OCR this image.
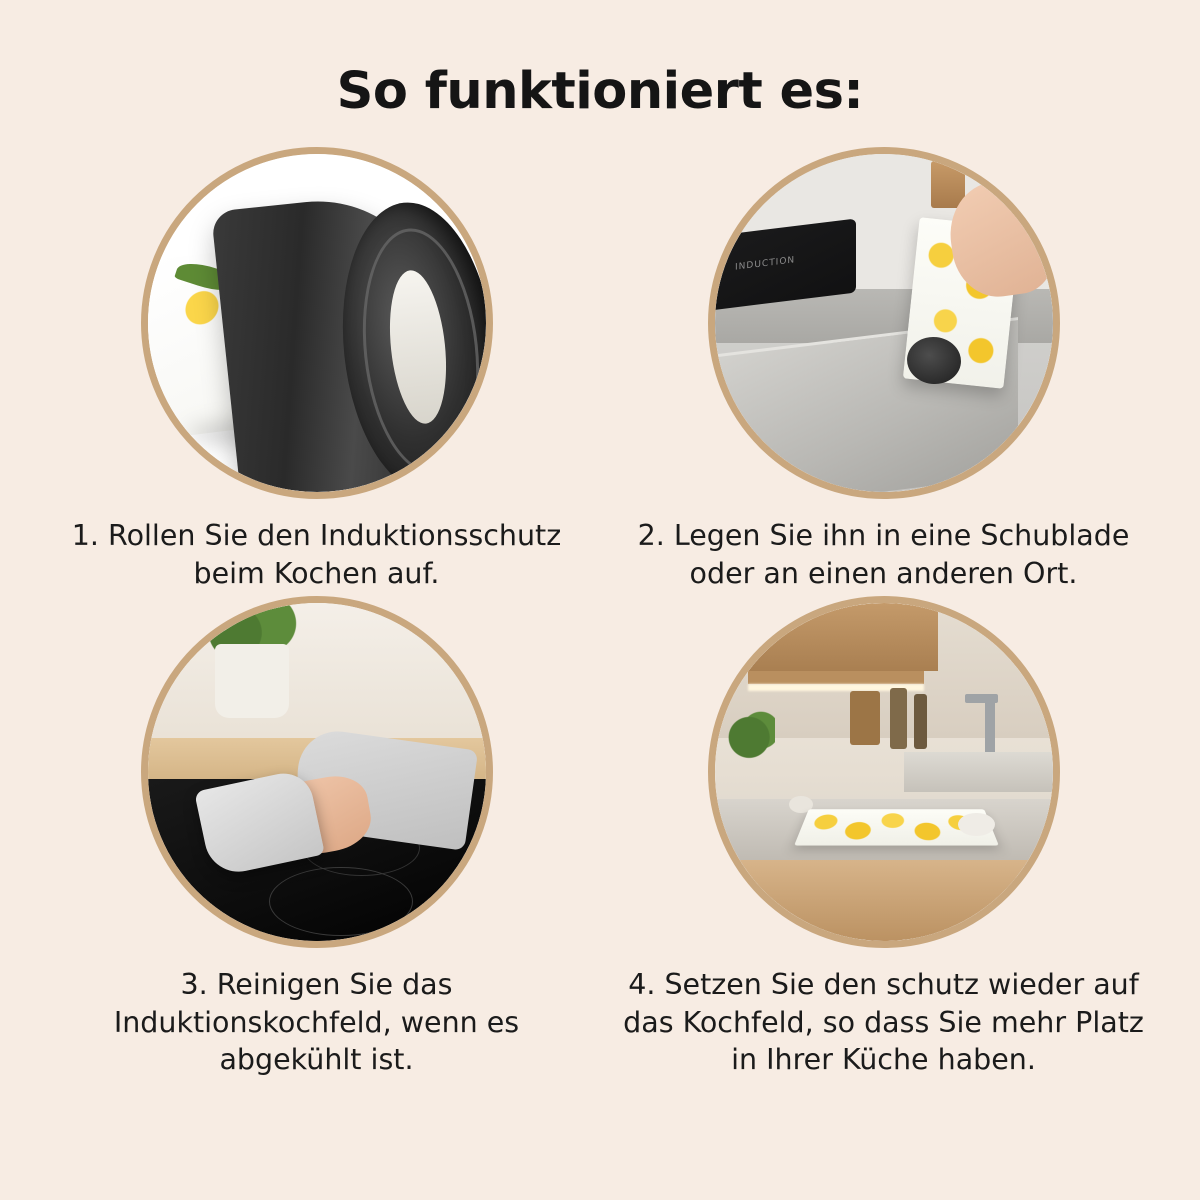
So funktioniert es:
1. Rollen Sie den Induktionsschutz beim Kochen auf.
INDUCTION
2. Legen Sie ihn in eine Schublade oder an einen anderen Ort.
3. Reinigen Sie das Induktionskochfeld, wenn es abgekühlt ist.
4. Setzen Sie den schutz wieder auf das Kochfeld, so dass Sie mehr Platz in Ihrer Küche haben.
